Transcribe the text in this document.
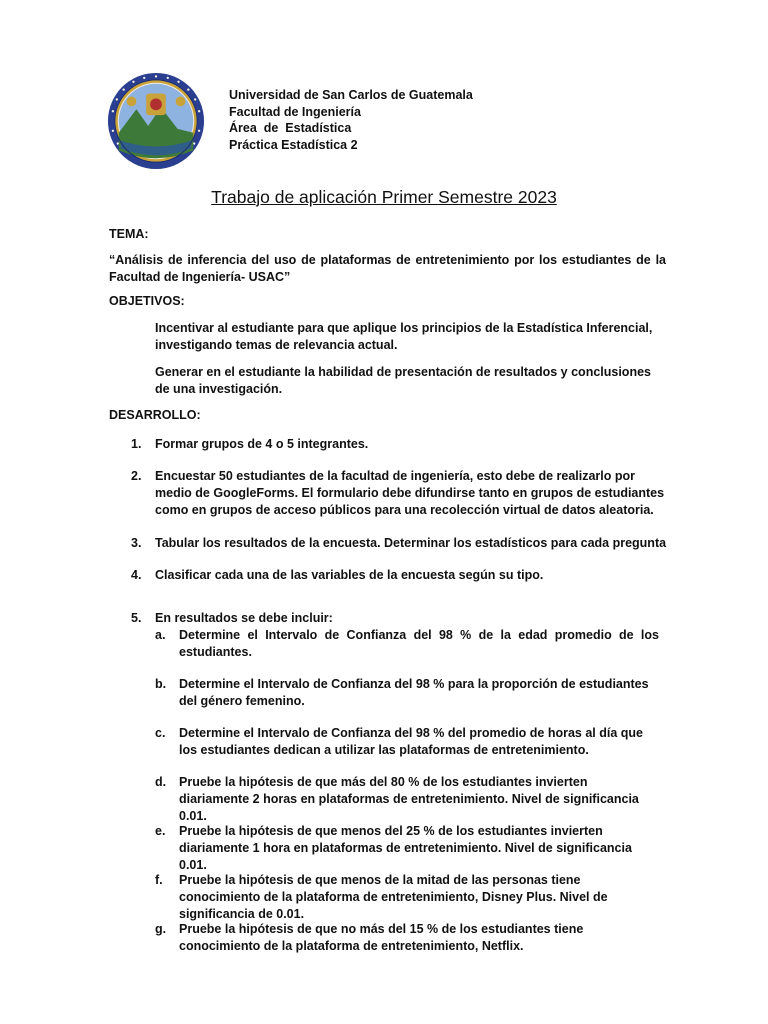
Universidad de San Carlos de Guatemala
Facultad de Ingeniería
Área  de  Estadística
Práctica Estadística 2
Trabajo de aplicación Primer Semestre 2023
TEMA:

“Análisis de inferencia del uso de plataformas de entretenimiento por los estudiantes de la Facultad de Ingeniería- USAC”

OBJETIVOS:

Incentivar al estudiante para que aplique los principios de la Estadística Inferencial, investigando temas de relevancia actual.

Generar en el estudiante la habilidad de presentación de resultados y conclusiones de una investigación.

DESARROLLO:
1. Formar grupos de 4 o 5 integrantes.
2. Encuestar 50 estudiantes de la facultad de ingeniería, esto debe de realizarlo por medio de GoogleForms. El formulario debe difundirse tanto en grupos de estudiantes como en grupos de acceso públicos para una recolección virtual de datos aleatoria.
3. Tabular los resultados de la encuesta. Determinar los estadísticos para cada pregunta
4. Clasificar cada una de las variables de la encuesta según su tipo.
5. En resultados se debe incluir:
a. Determine el Intervalo de Confianza del 98 % de la edad promedio de los estudiantes.
b. Determine el Intervalo de Confianza del 98 % para la proporción de estudiantes del género femenino.
c. Determine el Intervalo de Confianza del 98 % del promedio de horas al día que los estudiantes dedican a utilizar las plataformas de entretenimiento.
d. Pruebe la hipótesis de que más del 80 % de los estudiantes invierten diariamente 2 horas en plataformas de entretenimiento. Nivel de significancia 0.01.
e. Pruebe la hipótesis de que menos del 25 % de los estudiantes invierten diariamente 1 hora en plataformas de entretenimiento. Nivel de significancia 0.01.
f. Pruebe la hipótesis de que menos de la mitad de las personas tiene conocimiento de la plataforma de entretenimiento, Disney Plus. Nivel de significancia de 0.01.
g. Pruebe la hipótesis de que no más del 15 % de los estudiantes tiene conocimiento de la plataforma de entretenimiento, Netflix.
